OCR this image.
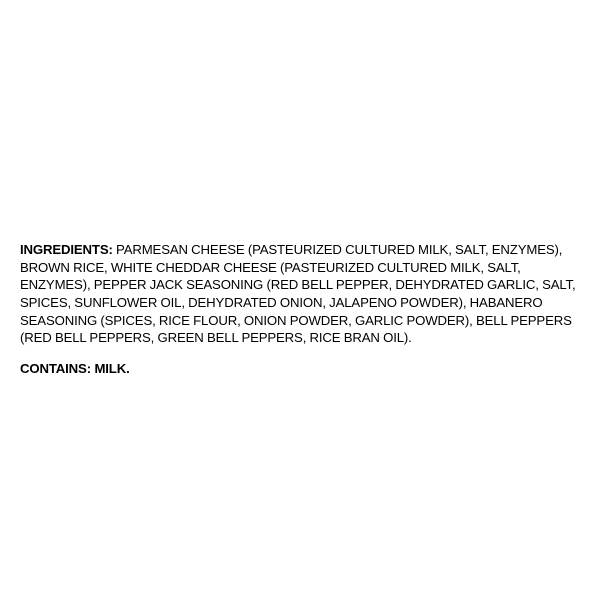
INGREDIENTS: PARMESAN CHEESE (PASTEURIZED CULTURED MILK, SALT, ENZYMES), BROWN RICE, WHITE CHEDDAR CHEESE (PASTEURIZED CULTURED MILK, SALT, ENZYMES), PEPPER JACK SEASONING (RED BELL PEPPER, DEHYDRATED GARLIC, SALT, SPICES, SUNFLOWER OIL, DEHYDRATED ONION, JALAPENO POWDER), HABANERO SEASONING (SPICES, RICE FLOUR, ONION POWDER, GARLIC POWDER), BELL PEPPERS (RED BELL PEPPERS, GREEN BELL PEPPERS, RICE BRAN OIL).

CONTAINS: MILK.
